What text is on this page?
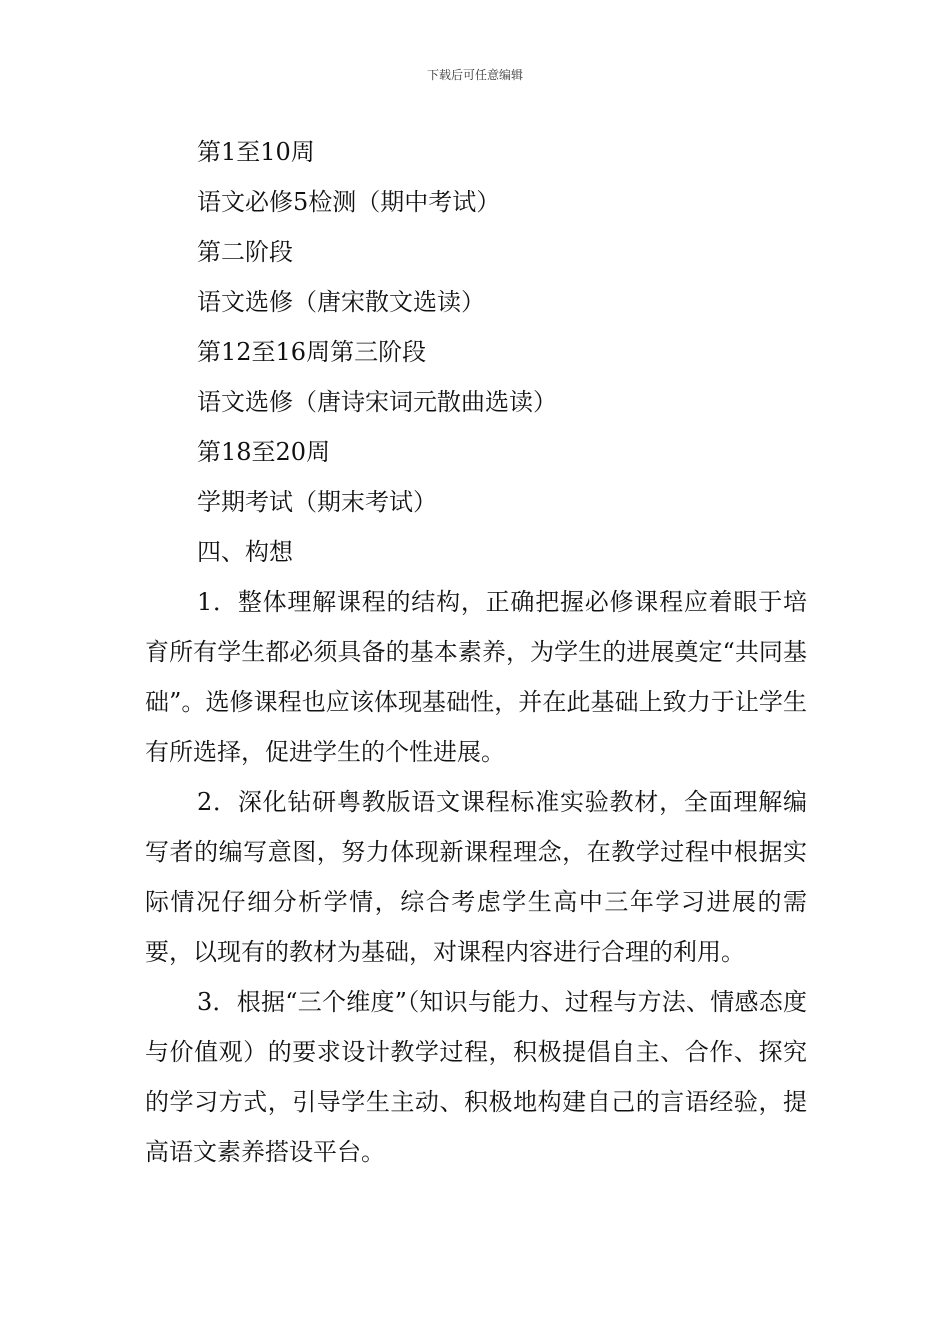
下载后可任意编辑

第1至10周

语文必修5检测（期中考试）

第二阶段

语文选修（唐宋散文选读）

第12至16周第三阶段

语文选修（唐诗宋词元散曲选读）

第18至20周

学期考试（期末考试）

四、构想

1．整体理解课程的结构，正确把握必修课程应着眼于培育所有学生都必须具备的基本素养，为学生的进展奠定“共同基础”。选修课程也应该体现基础性，并在此基础上致力于让学生有所选择，促进学生的个性进展。

2．深化钻研粤教版语文课程标准实验教材，全面理解编写者的编写意图，努力体现新课程理念，在教学过程中根据实际情况仔细分析学情，综合考虑学生高中三年学习进展的需要，以现有的教材为基础，对课程内容进行合理的利用。

3．根据“三个维度”（知识与能力、过程与方法、情感态度与价值观）的要求设计教学过程，积极提倡自主、合作、探究的学习方式，引导学生主动、积极地构建自己的言语经验，提高语文素养搭设平台。
